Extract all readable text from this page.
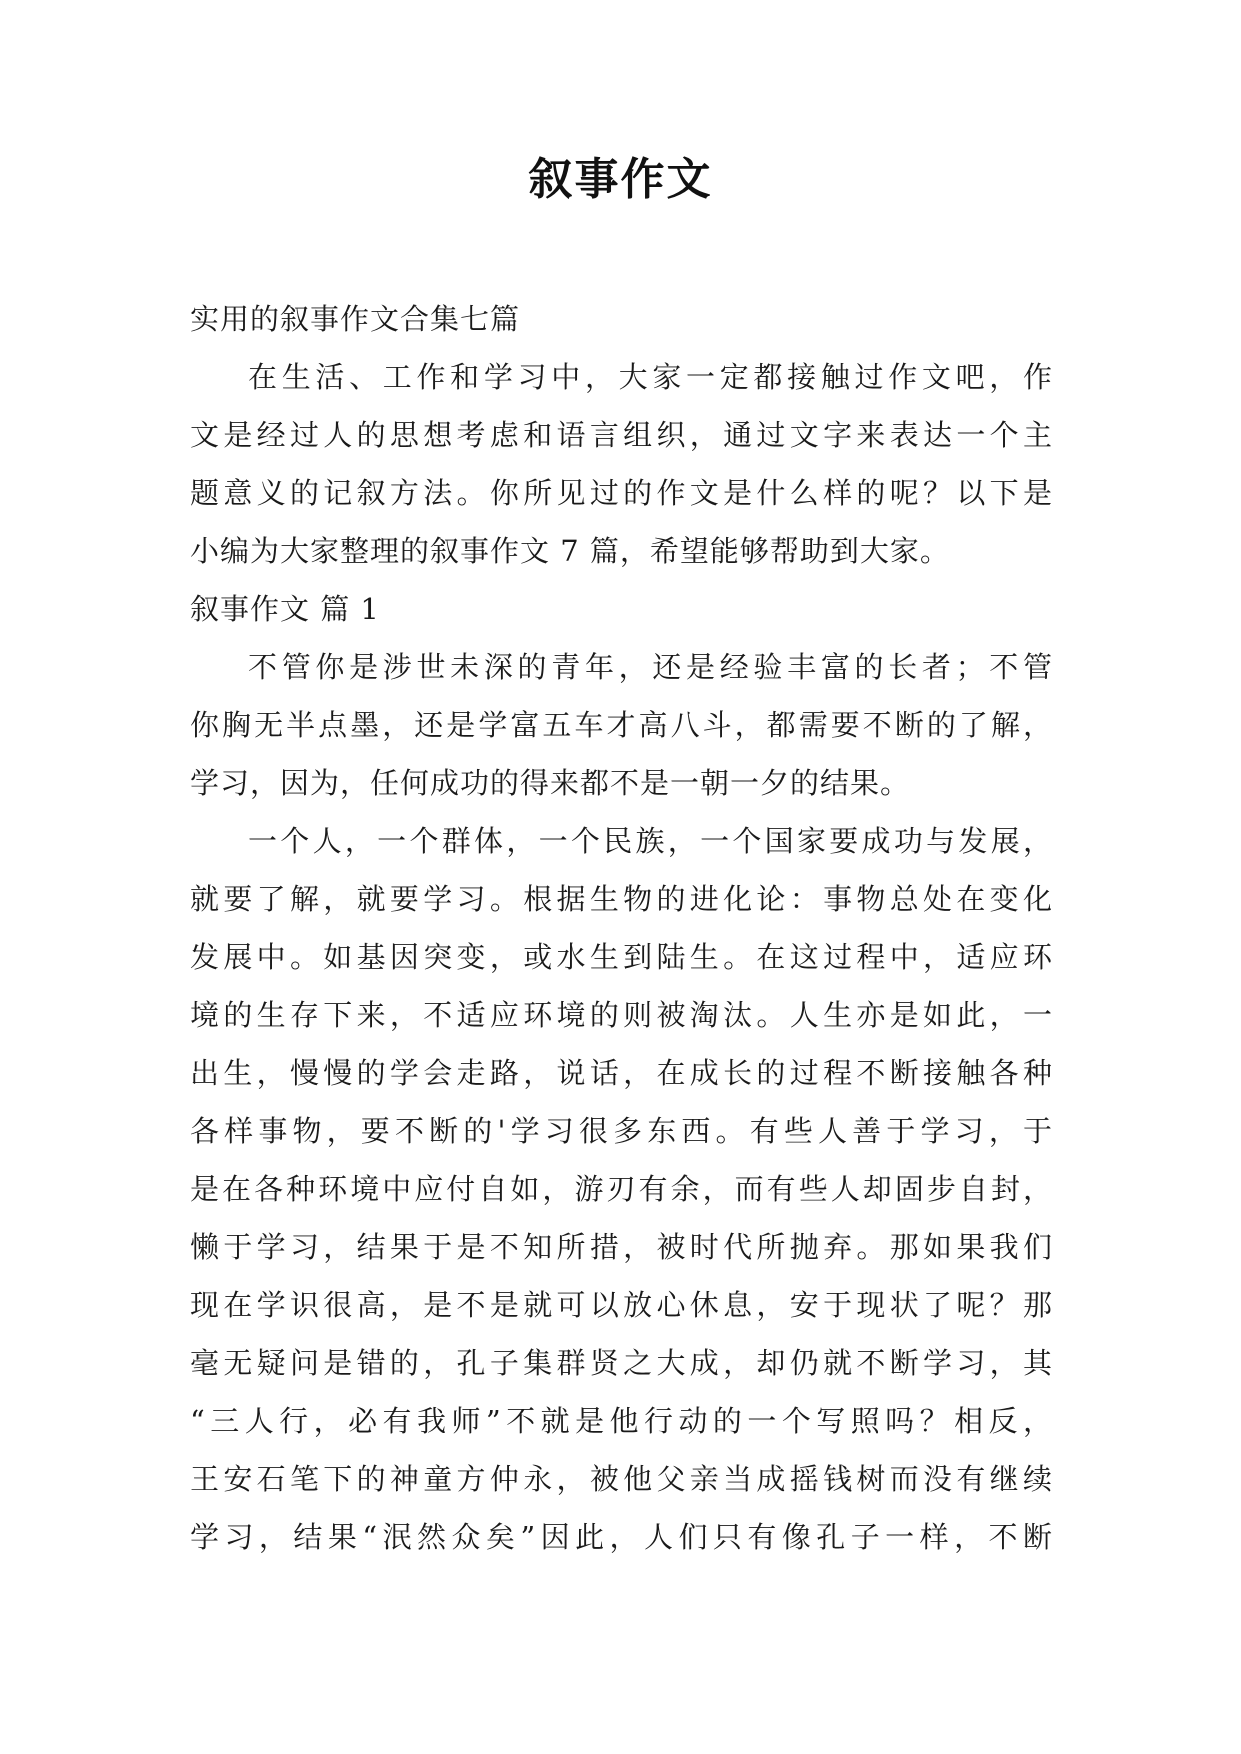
叙事作文
实用的叙事作文合集七篇
在生活、工作和学习中，大家一定都接触过作文吧，作
文是经过人的思想考虑和语言组织，通过文字来表达一个主
题意义的记叙方法。你所见过的作文是什么样的呢？以下是
小编为大家整理的叙事作文 7 篇，希望能够帮助到大家。
叙事作文 篇 1
不管你是涉世未深的青年，还是经验丰富的长者；不管
你胸无半点墨，还是学富五车才高八斗，都需要不断的了解，
学习，因为，任何成功的得来都不是一朝一夕的结果。
一个人，一个群体，一个民族，一个国家要成功与发展，
就要了解，就要学习。根据生物的进化论：事物总处在变化
发展中。如基因突变，或水生到陆生。在这过程中，适应环
境的生存下来，不适应环境的则被淘汰。人生亦是如此，一
出生，慢慢的学会走路，说话，在成长的过程不断接触各种
各样事物，要不断的'学习很多东西。有些人善于学习，于
是在各种环境中应付自如，游刃有余，而有些人却固步自封，
懒于学习，结果于是不知所措，被时代所抛弃。那如果我们
现在学识很高，是不是就可以放心休息，安于现状了呢？那
毫无疑问是错的，孔子集群贤之大成，却仍就不断学习，其
“三人行，必有我师”不就是他行动的一个写照吗？相反，
王安石笔下的神童方仲永，被他父亲当成摇钱树而没有继续
学习，结果“泯然众矣”因此，人们只有像孔子一样，不断
